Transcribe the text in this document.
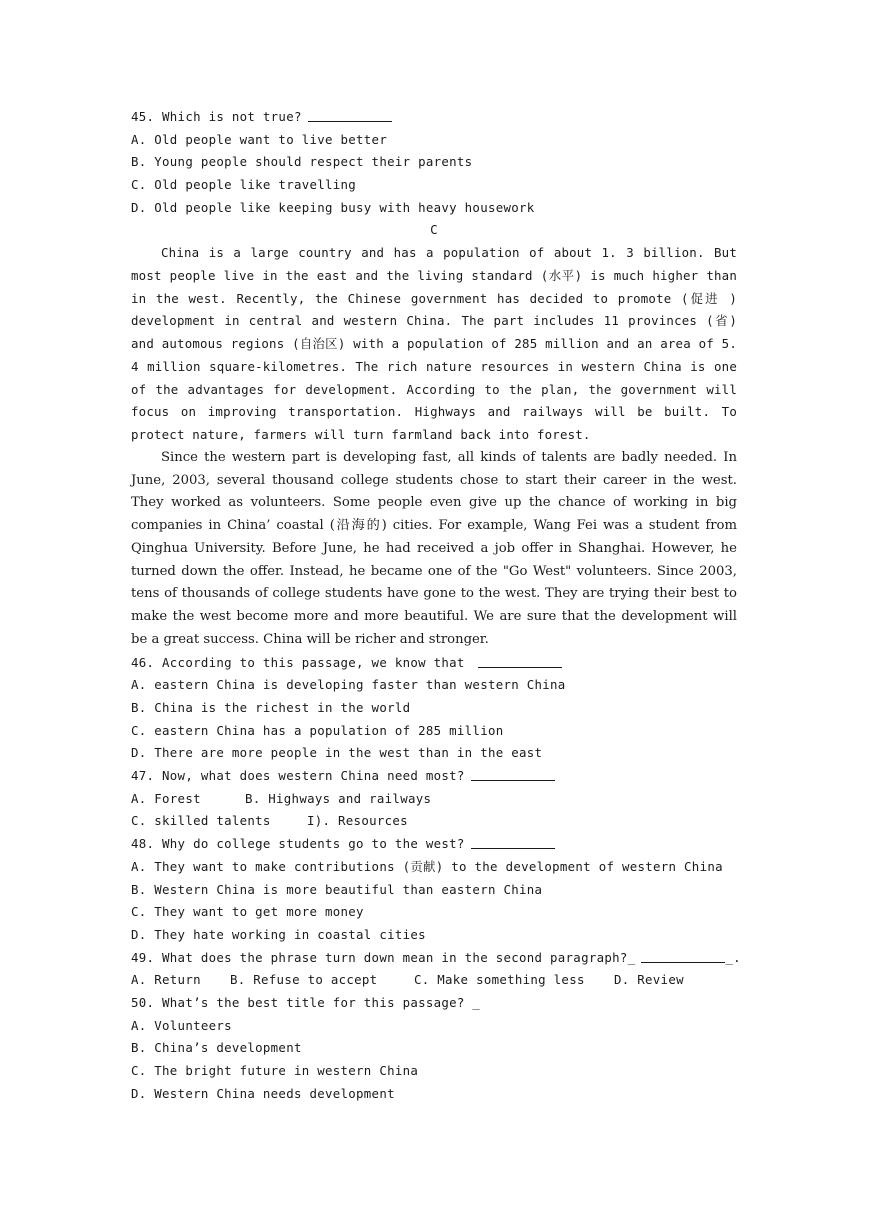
45. Which is not true?
A. Old people want to live better
B. Young people should respect their parents
C. Old people like travelling
D. Old people like keeping busy with heavy housework
C

China is a large country and has a population of about 1. 3 billion. But most people live in the east and the living standard (水平) is much higher than in the west. Recently, the Chinese government has decided to promote (促进 ) development in central and western China. The part includes 11 provinces (省) and automous regions (自治区) with a population of 285 million and an area of 5. 4 million square-kilometres. The rich nature resources in western China is one of the advantages for development. According to the plan, the government will focus on improving transportation. Highways and railways will be built. To protect nature, farmers will turn farmland back into forest.

Since the western part is developing fast, all kinds of talents are badly needed. In June, 2003, several thousand college students chose to start their career in the west. They worked as volunteers. Some people even give up the chance of working in big companies in China’ coastal (沿海的) cities. For example, Wang Fei was a student from Qinghua University. Before June, he had received a job offer in Shanghai. However, he turned down the offer. Instead, he became one of the "Go West" volunteers. Since 2003, tens of thousands of college students have gone to the west. They are trying their best to make the west become more and more beautiful. We are sure that the development will be a great success. China will be richer and stronger.

46. According to this passage, we know that
A. eastern China is developing faster than western China
B. China is the richest in the world
C. eastern China has a population of 285 million
D. There are more people in the west than in the east
47. Now, what does western China need most?
A. Forest	B. Highways and railways
C. skilled talents	I). Resources
48. Why do college students go to the west?
A. They want to make contributions (贡献) to the development of western China
B. Western China is more beautiful than eastern China
C. They want to get more money
D. They hate working in coastal cities
49. What does the phrase turn down mean in the second paragraph?_	_.
A. Return B. Refuse to accept	C. Make something less D. Review
50. What’s the best title for this passage? _
A. Volunteers
B. China’s development
C. The bright future in western China
D. Western China needs development
